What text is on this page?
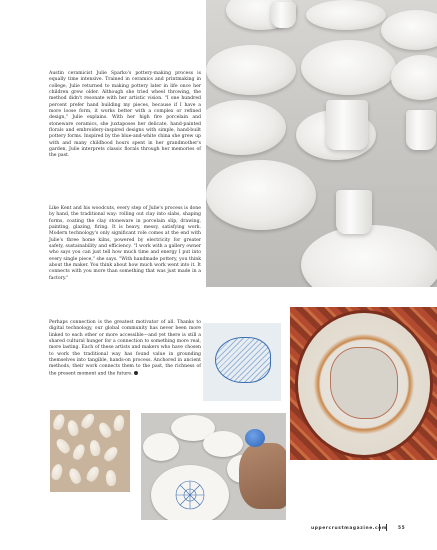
Austin ceramicist Julie Sparko's pottery-making process is equally time intensive. Trained in ceramics and printmaking in college, Julie returned to making pottery later in life once her children grew older. Although she tried wheel throwing, the method didn't resonate with her artistic vision. "I one hundred percent prefer hand building my pieces, because if I have a more loose form, it works better with a complex or refined design," Julie explains. With her high fire porcelain and stoneware ceramics, she juxtaposes her delicate, hand-painted florals and embroidery-inspired designs with simple, hand-built pottery forms. Inspired by the blue-and-white china she grew up with and many childhood hours spent in her grandmother's garden, Julie interprets classic florals through her memories of the past.

Like Kent and his woodcuts, every step of Julie's process is done by hand, the traditional way: rolling out clay into slabs, shaping forms, coating the clay stoneware in porcelain slip, drawing, painting, glazing, firing. It is heavy, messy, satisfying work. Modern technology's only significant role comes at the end with Julie's three home kilns, powered by electricity for greater safety, sustainability and efficiency. "I work with a gallery owner who says you can just tell how much time and energy I put into every single piece," she says. "With handmade pottery, you think about the maker. You think about how much work went into it. It connects with you more than something that was just made in a factory."

Perhaps connection is the greatest motivator of all. Thanks to digital technology, our global community has never been more linked to each other or more accessible—and yet there is still a shared cultural hunger for a connection to something more real, more lasting. Each of these artists and makers who have chosen to work the traditional way has found value in grounding themselves into tangible, hands-on process. Anchored in ancient methods, their work connects them to the past, the richness of the present moment and the future.

uppercrustmagazine.com 55
